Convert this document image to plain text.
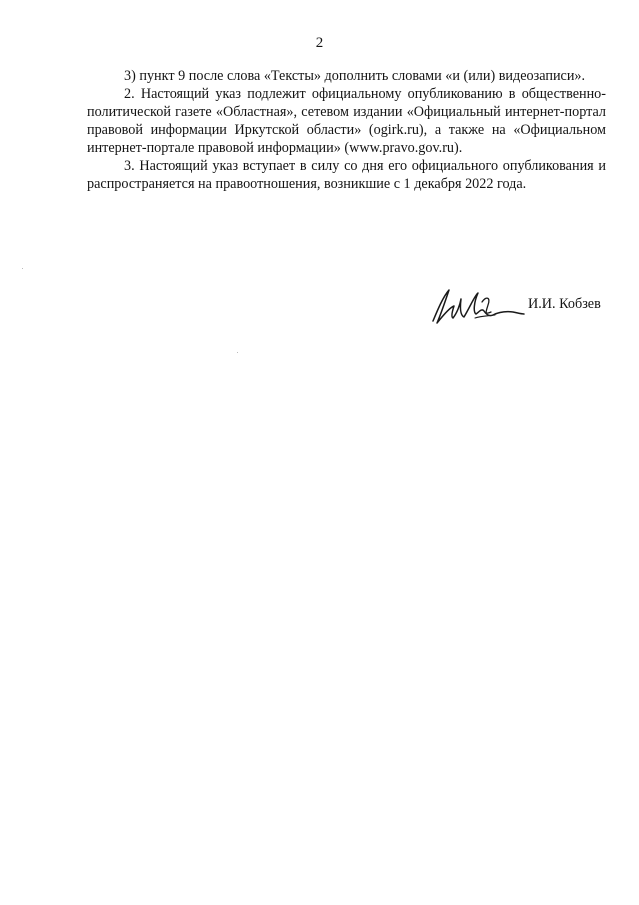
2

3) пункт 9 после слова «Тексты» дополнить словами «и (или) видеозаписи».

2. Настоящий указ подлежит официальному опубликованию в общественно-политической газете «Областная», сетевом издании «Официальный интернет-портал правовой информации Иркутской области» (ogirk.ru), а также на «Официальном интернет-портале правовой информации» (www.pravo.gov.ru).

3. Настоящий указ вступает в силу со дня его официального опубликования и распространяется на правоотношения, возникшие с 1 декабря 2022 года.

И.И. Кобзев
